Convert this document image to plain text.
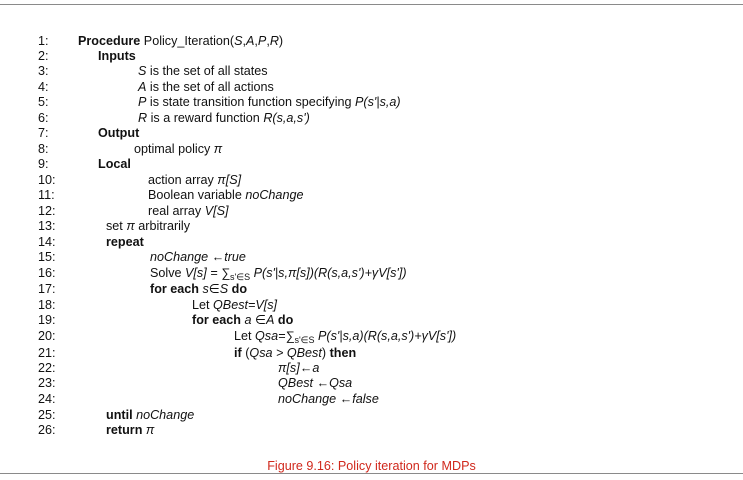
1: Procedure Policy_Iteration(S,A,P,R)
2:	Inputs
3:	S is the set of all states
4:	A is the set of all actions
5:	P is state transition function specifying P(s'|s,a)
6:	R is a reward function R(s,a,s')
7:	Output
8:	optimal policy π
9:	Local
10:	action array π[S]
11:	Boolean variable noChange
12:	real array V[S]
13:	set π arbitrarily
14:	repeat
15:	noChange ←true
16:	Solve $V[s] = \sum_{s'\in S}$ P(s'|s,π[s])(R(s,a,s')+γV[s'])
17:	for each s∈S do
18:	Let QBest=V[s]
19:	for each a ∈A do
20:	Let $Qsa=\sum_{s'\in S}$ P(s'|s,a)(R(s,a,s')+γV[s'])
21:	if (Qsa > QBest) then
22:	π[s]←a
23:	QBest ←Qsa
24:	noChange ←false
25:	until noChange
26:	return π
Figure 9.16: Policy iteration for MDPs
